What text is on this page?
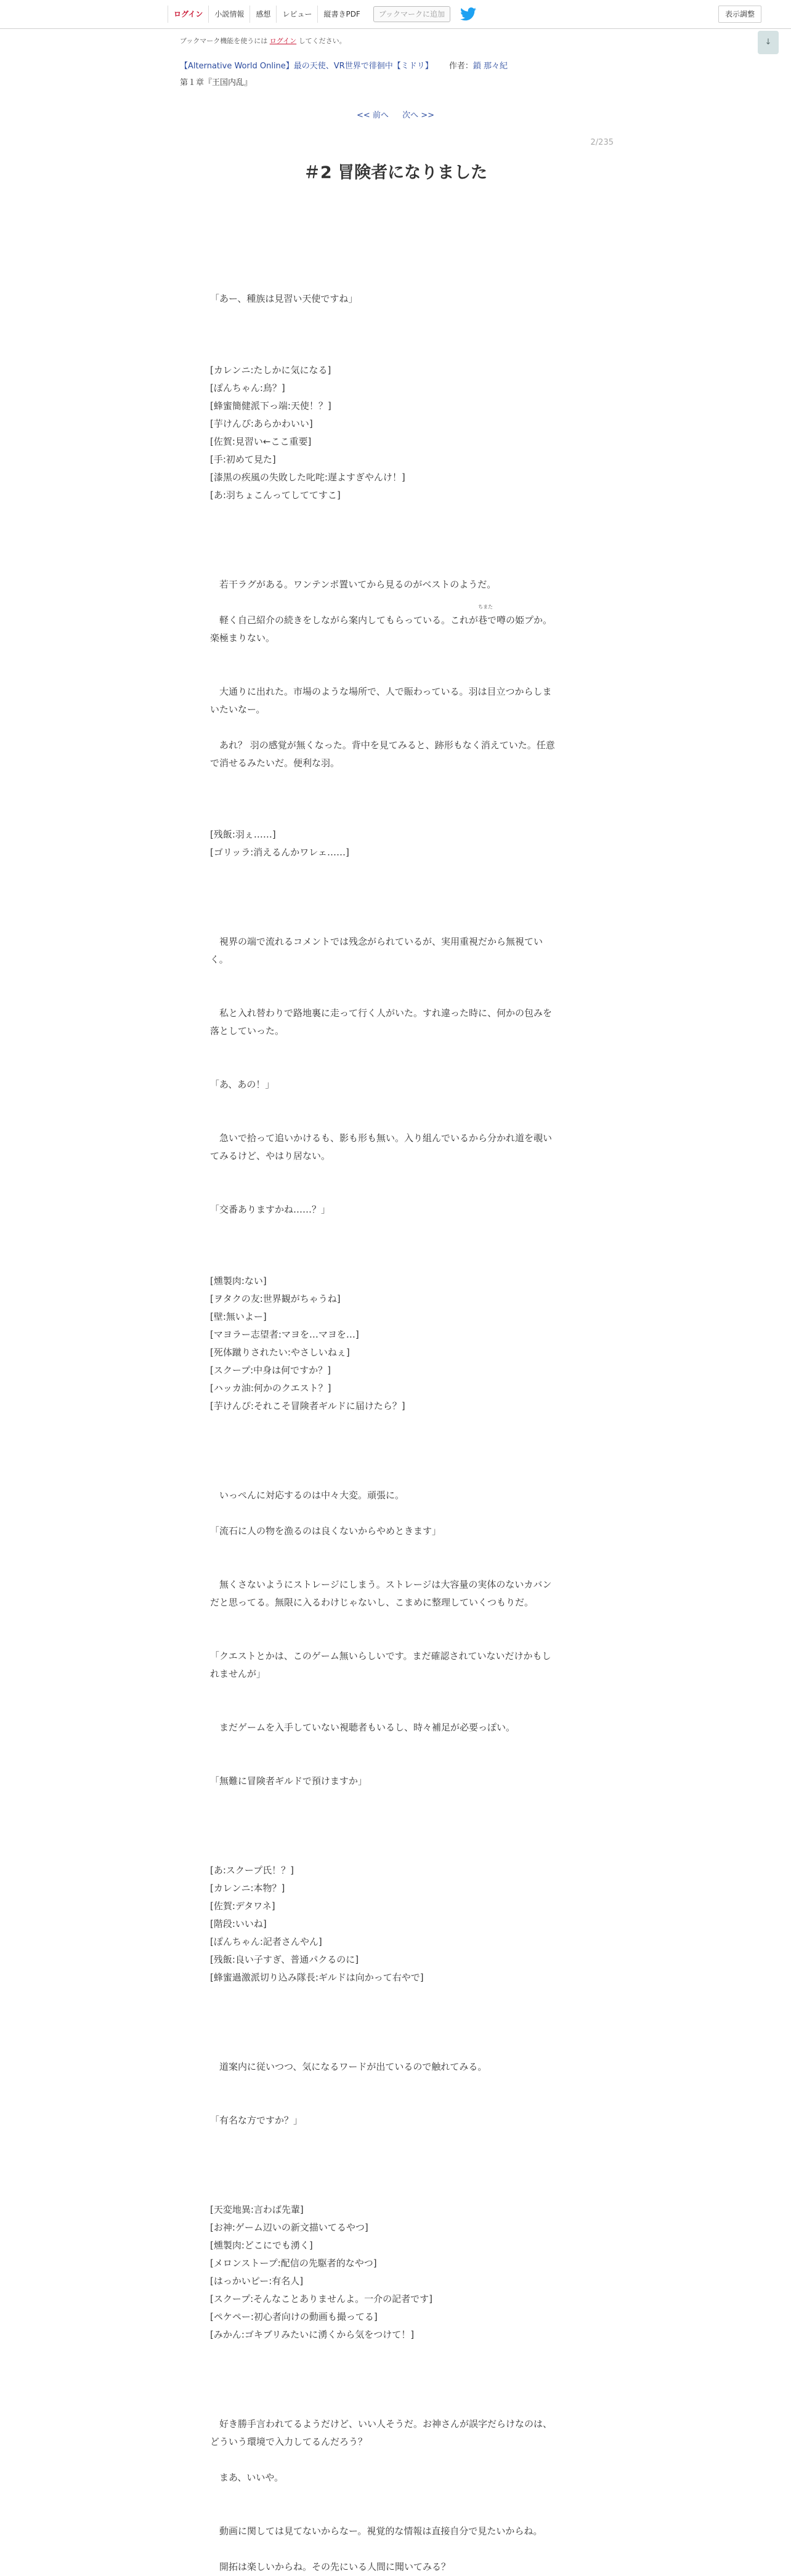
ログイン	小説情報	感想	レビュー	縦書きPDF	ブックマークに追加	表示調整
↓
ブックマーク機能を使うには ログイン してください。
【Alternative World Online】最の天使、VR世界で徘徊中【ミドリ】 作者：鎖 那々紀
第１章『王国内乱』
<< 前へ 次へ >>
2/235
＃2 冒険者になりました
「あー、種族は見習い天使ですね」
[カレンニ:たしかに気になる]
[ぽんちゃん:鳥？]
[蜂蜜簡健派下っ端:天使！？]
[芋けんぴ:あらかわいい]
[佐賀:見習い←ここ重要]
[手:初めて見た]
[漆黒の疾風の失敗した叱咤:遅よすぎやんけ！]
[あ:羽ちょこんってしててすこ]
　若干ラグがある。ワンテンポ置いてから見るのがベストのようだ。
　軽く自己紹介の続きをしながら案内してもらっている。これが
ちまた
巷で噂の姫プか。
楽極まりない。
　大通りに出れた。市場のような場所で、人で賑わっている。羽は目立つからしま
いたいなー。
　あれ？ 羽の感覚が無くなった。背中を見てみると、跡形もなく消えていた。任意
で消せるみたいだ。便利な羽。
[残飯:羽ぇ……]
[ゴリッラ:消えるんかワレェ……]
　視界の端で流れるコメントでは残念がられているが、実用重視だから無視てい
く。
　私と入れ替わりで路地裏に走って行く人がいた。すれ違った時に、何かの包みを
落としていった。
「あ、あの！」
　急いで拾って追いかけるも、影も形も無い。入り組んでいるから分かれ道を覗い
てみるけど、やはり居ない。
「交番ありますかね……？」
[燻製肉:ない]
[ヲタクの友:世界観がちゃうね]
[壁:無いよー]
[マヨラー志望者:マヨを…マヨを…]
[死体蹴りされたい:やさしいねぇ]
[スクープ:中身は何ですか？]
[ハッカ油:何かのクエスト？]
[芋けんぴ:それこそ冒険者ギルドに届けたら？]
　いっぺんに対応するのは中々大変。頑張に。
「流石に人の物を漁るのは良くないからやめときます」
　無くさないようにストレージにしまう。ストレージは大容量の実体のないカバン
だと思ってる。無限に入るわけじゃないし、こまめに整理していくつもりだ。
「クエストとかは、このゲーム無いらしいです。まだ確認されていないだけかもし
れませんが」
　まだゲームを入手していない視聴者もいるし、時々補足が必要っぽい。
「無難に冒険者ギルドで預けますか」
[あ:スクープ氏！？]
[カレンニ:本物？]
[佐賀:デタワネ]
[階段:いいね]
[ぽんちゃん:記者さんやん]
[残飯:良い子すぎ、普通パクるのに]
[蜂蜜過激派切り込み隊長:ギルドは向かって右やで]
　道案内に従いつつ、気になるワードが出ているので触れてみる。
「有名な方ですか？」
[天変地異:言わば先輩]
[お神:ゲーム辺いの新文描いてるやつ]
[燻製肉:どこにでも湧く]
[メロンストープ:配信の先駆者的なやつ]
[はっかいピー:有名人]
[スクープ:そんなことありませんよ。一介の記者です]
[ペケペー:初心者向けの動画も撮ってる]
[みかん:ゴキブリみたいに湧くから気をつけて！]
　好き勝手言われてるようだけど、いい人そうだ。お神さんが誤字だらけなのは、
どういう環境で入力してるんだろう？
　まあ、いいや。
　動画に関しては見てないからなー。視覚的な情報は直接自分で見たいからね。
　開拓は楽しいからね。その先にいる人間に聞いてみる？
